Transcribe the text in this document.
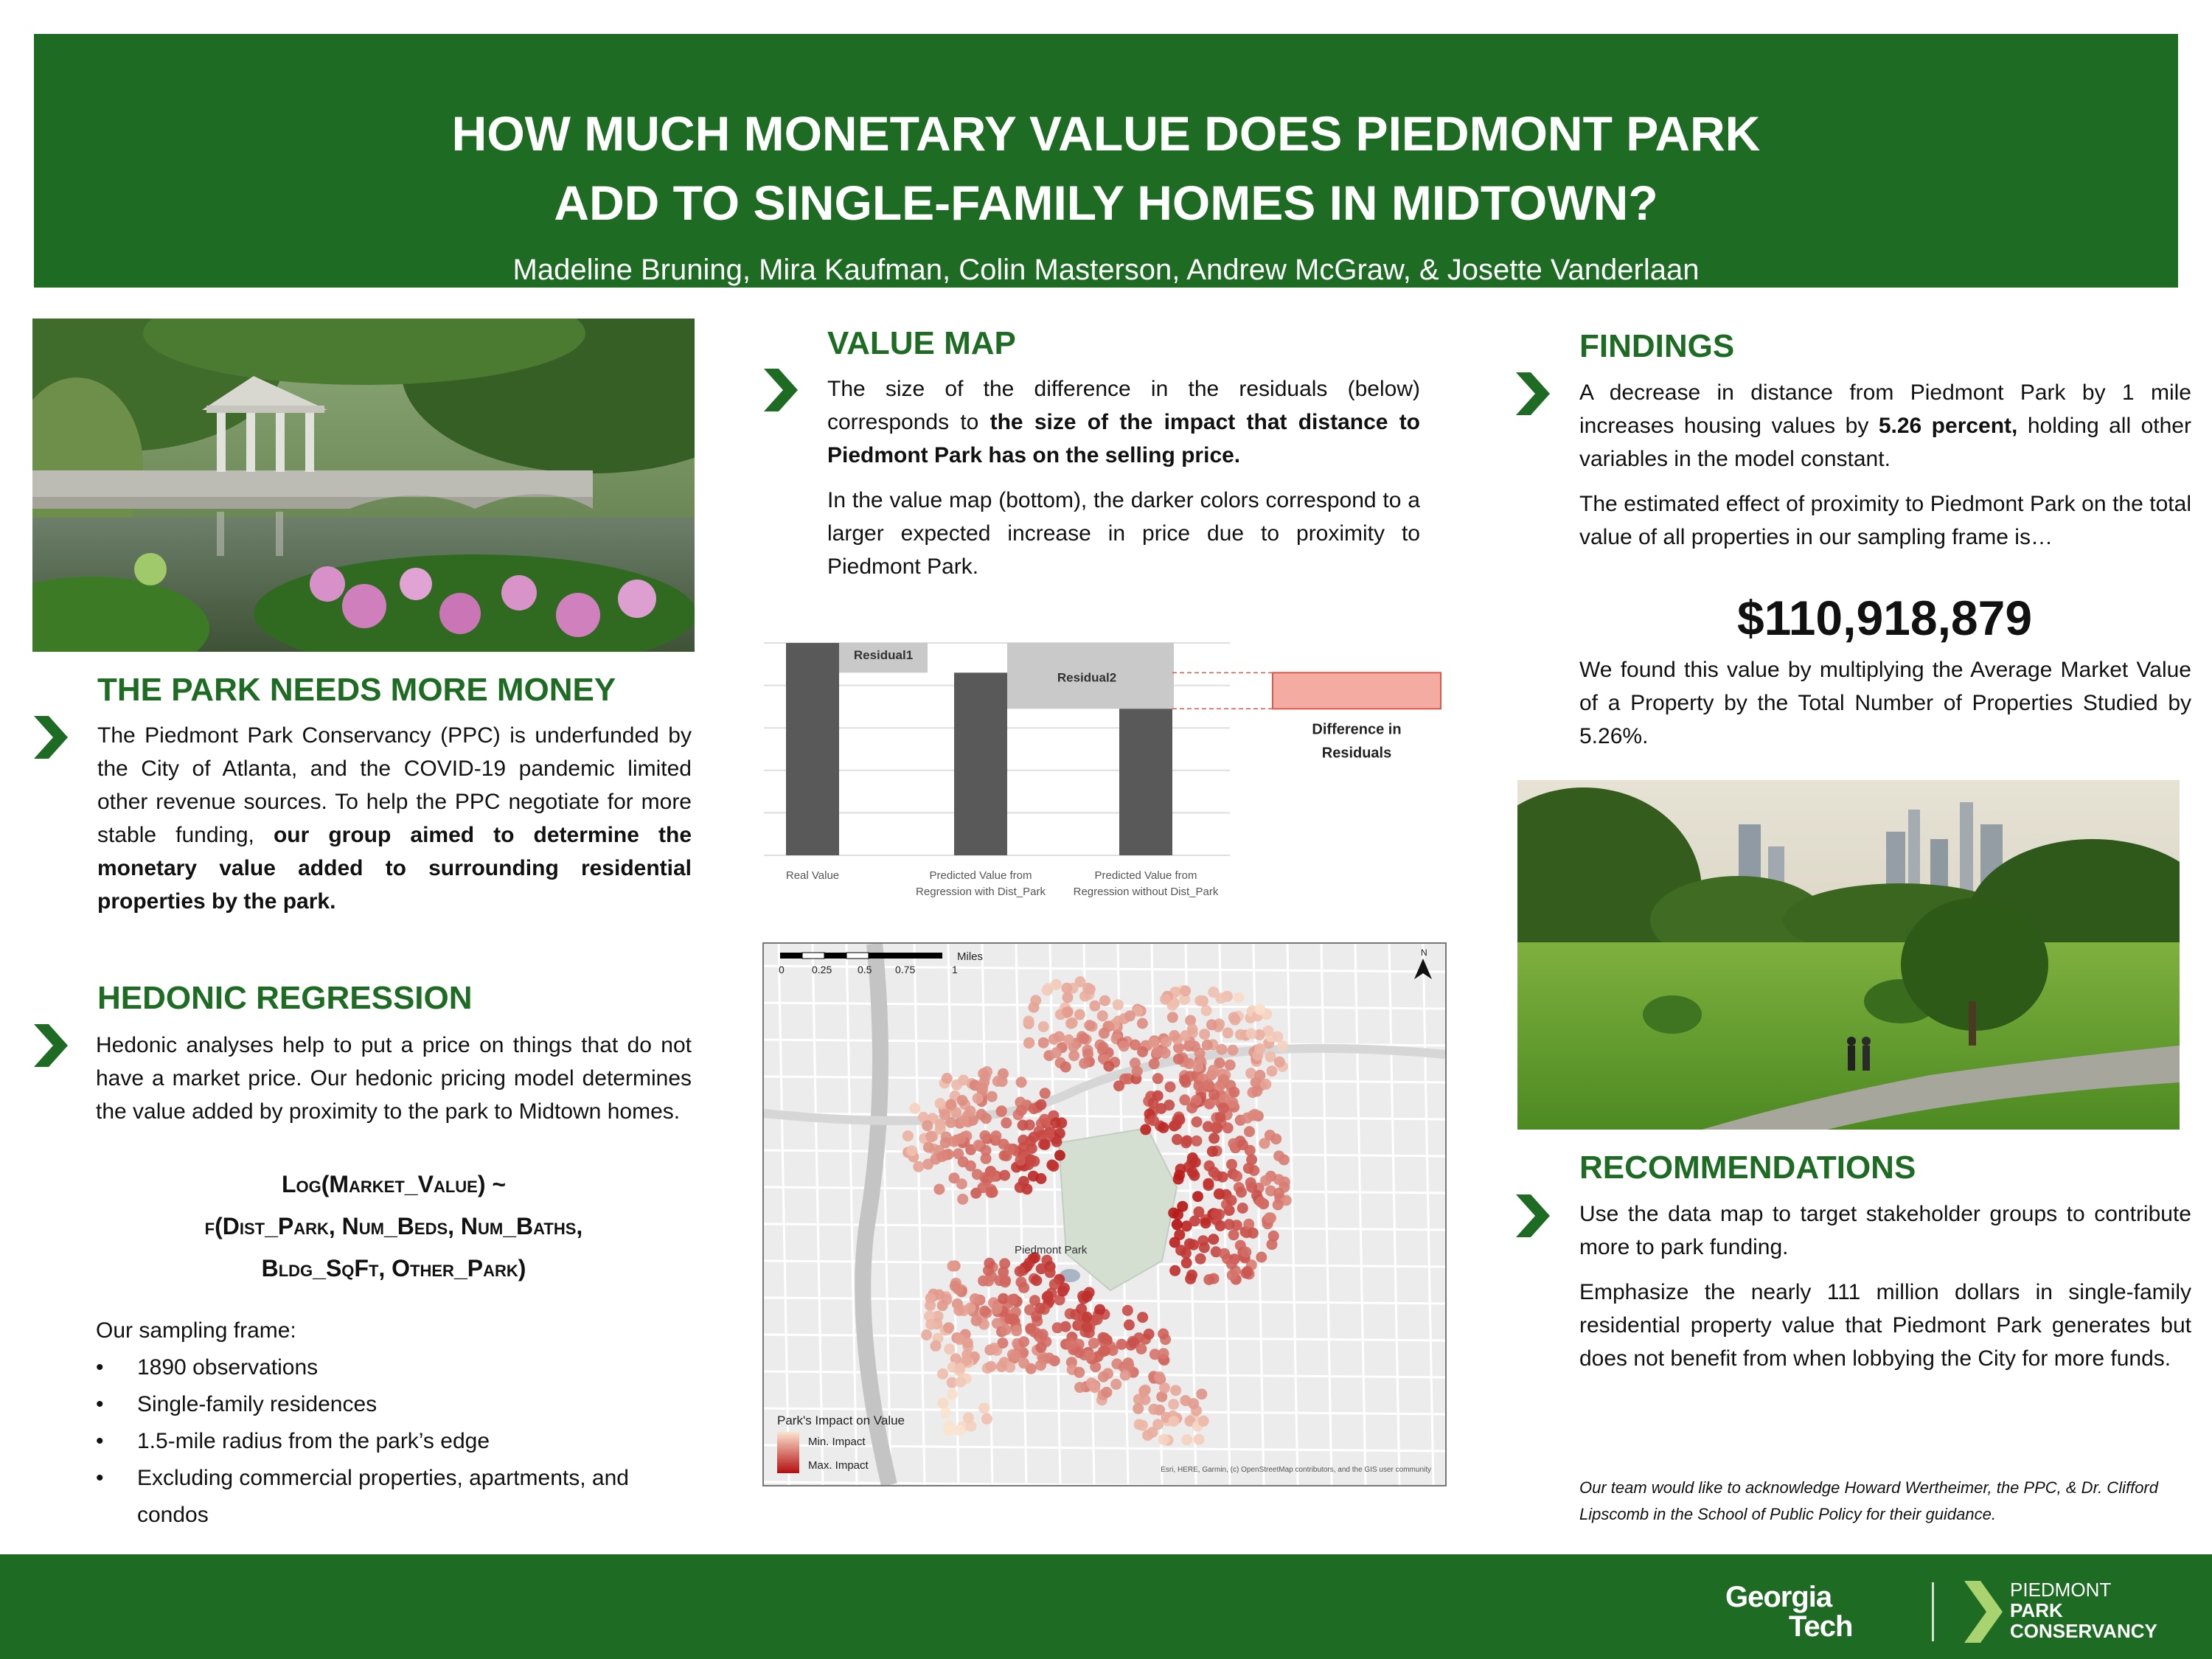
HOW MUCH MONETARY VALUE DOES PIEDMONT PARK
ADD TO SINGLE-FAMILY HOMES IN MIDTOWN?
Madeline Bruning, Mira Kaufman, Colin Masterson, Andrew McGraw, & Josette Vanderlaan
THE PARK NEEDS MORE MONEY

The Piedmont Park Conservancy (PPC) is underfunded by the City of Atlanta, and the COVID-19 pandemic limited other revenue sources. To help the PPC negotiate for more stable funding, our group aimed to determine the monetary value added to surrounding residential properties by the park.

HEDONIC REGRESSION

Hedonic analyses help to put a price on things that do not have a market price. Our hedonic pricing model determines the value added by proximity to the park to Midtown homes.

Log(Market_Value) ~
f(Dist_Park, Num_Beds, Num_Baths,
Bldg_SqFt, Other_Park)
Our sampling frame:
• 1890 observations
• Single-family residences
• 1.5-mile radius from the park’s edge
• Excluding commercial properties, apartments, and condos
VALUE MAP

The size of the difference in the residuals (below) corresponds to the size of the impact that distance to Piedmont Park has on the selling price.

In the value map (bottom), the darker colors correspond to a larger expected increase in price due to proximity to Piedmont Park.

Residual1
Residual2
Difference in
Residuals
Real Value	Predicted Value from
Regression with Dist_Park
Predicted Value from
Regression without Dist_Park
Piedmont Park
Miles
0	0.25 0.5 0.75	1
N
Park's Impact on Value
Min. Impact
Max. Impact	Esri, HERE, Garmin, (c) OpenStreetMap contributors, and the GIS user community
FINDINGS

A decrease in distance from Piedmont Park by 1 mile increases housing values by 5.26 percent, holding all other variables in the model constant.

The estimated effect of proximity to Piedmont Park on the total value of all properties in our sampling frame is…

$110,918,879

We found this value by multiplying the Average Market Value of a Property by the Total Number of Properties Studied by 5.26%.

RECOMMENDATIONS

Use the data map to target stakeholder groups to contribute more to park funding.

Emphasize the nearly 111 million dollars in single-family residential property value that Piedmont Park generates but does not benefit from when lobbying the City for more funds.

Our team would like to acknowledge Howard Wertheimer, the PPC, & Dr. Clifford Lipscomb in the School of Public Policy for their guidance.
Georgia
Tech
PIEDMONT
PARK
CONSERVANCY
